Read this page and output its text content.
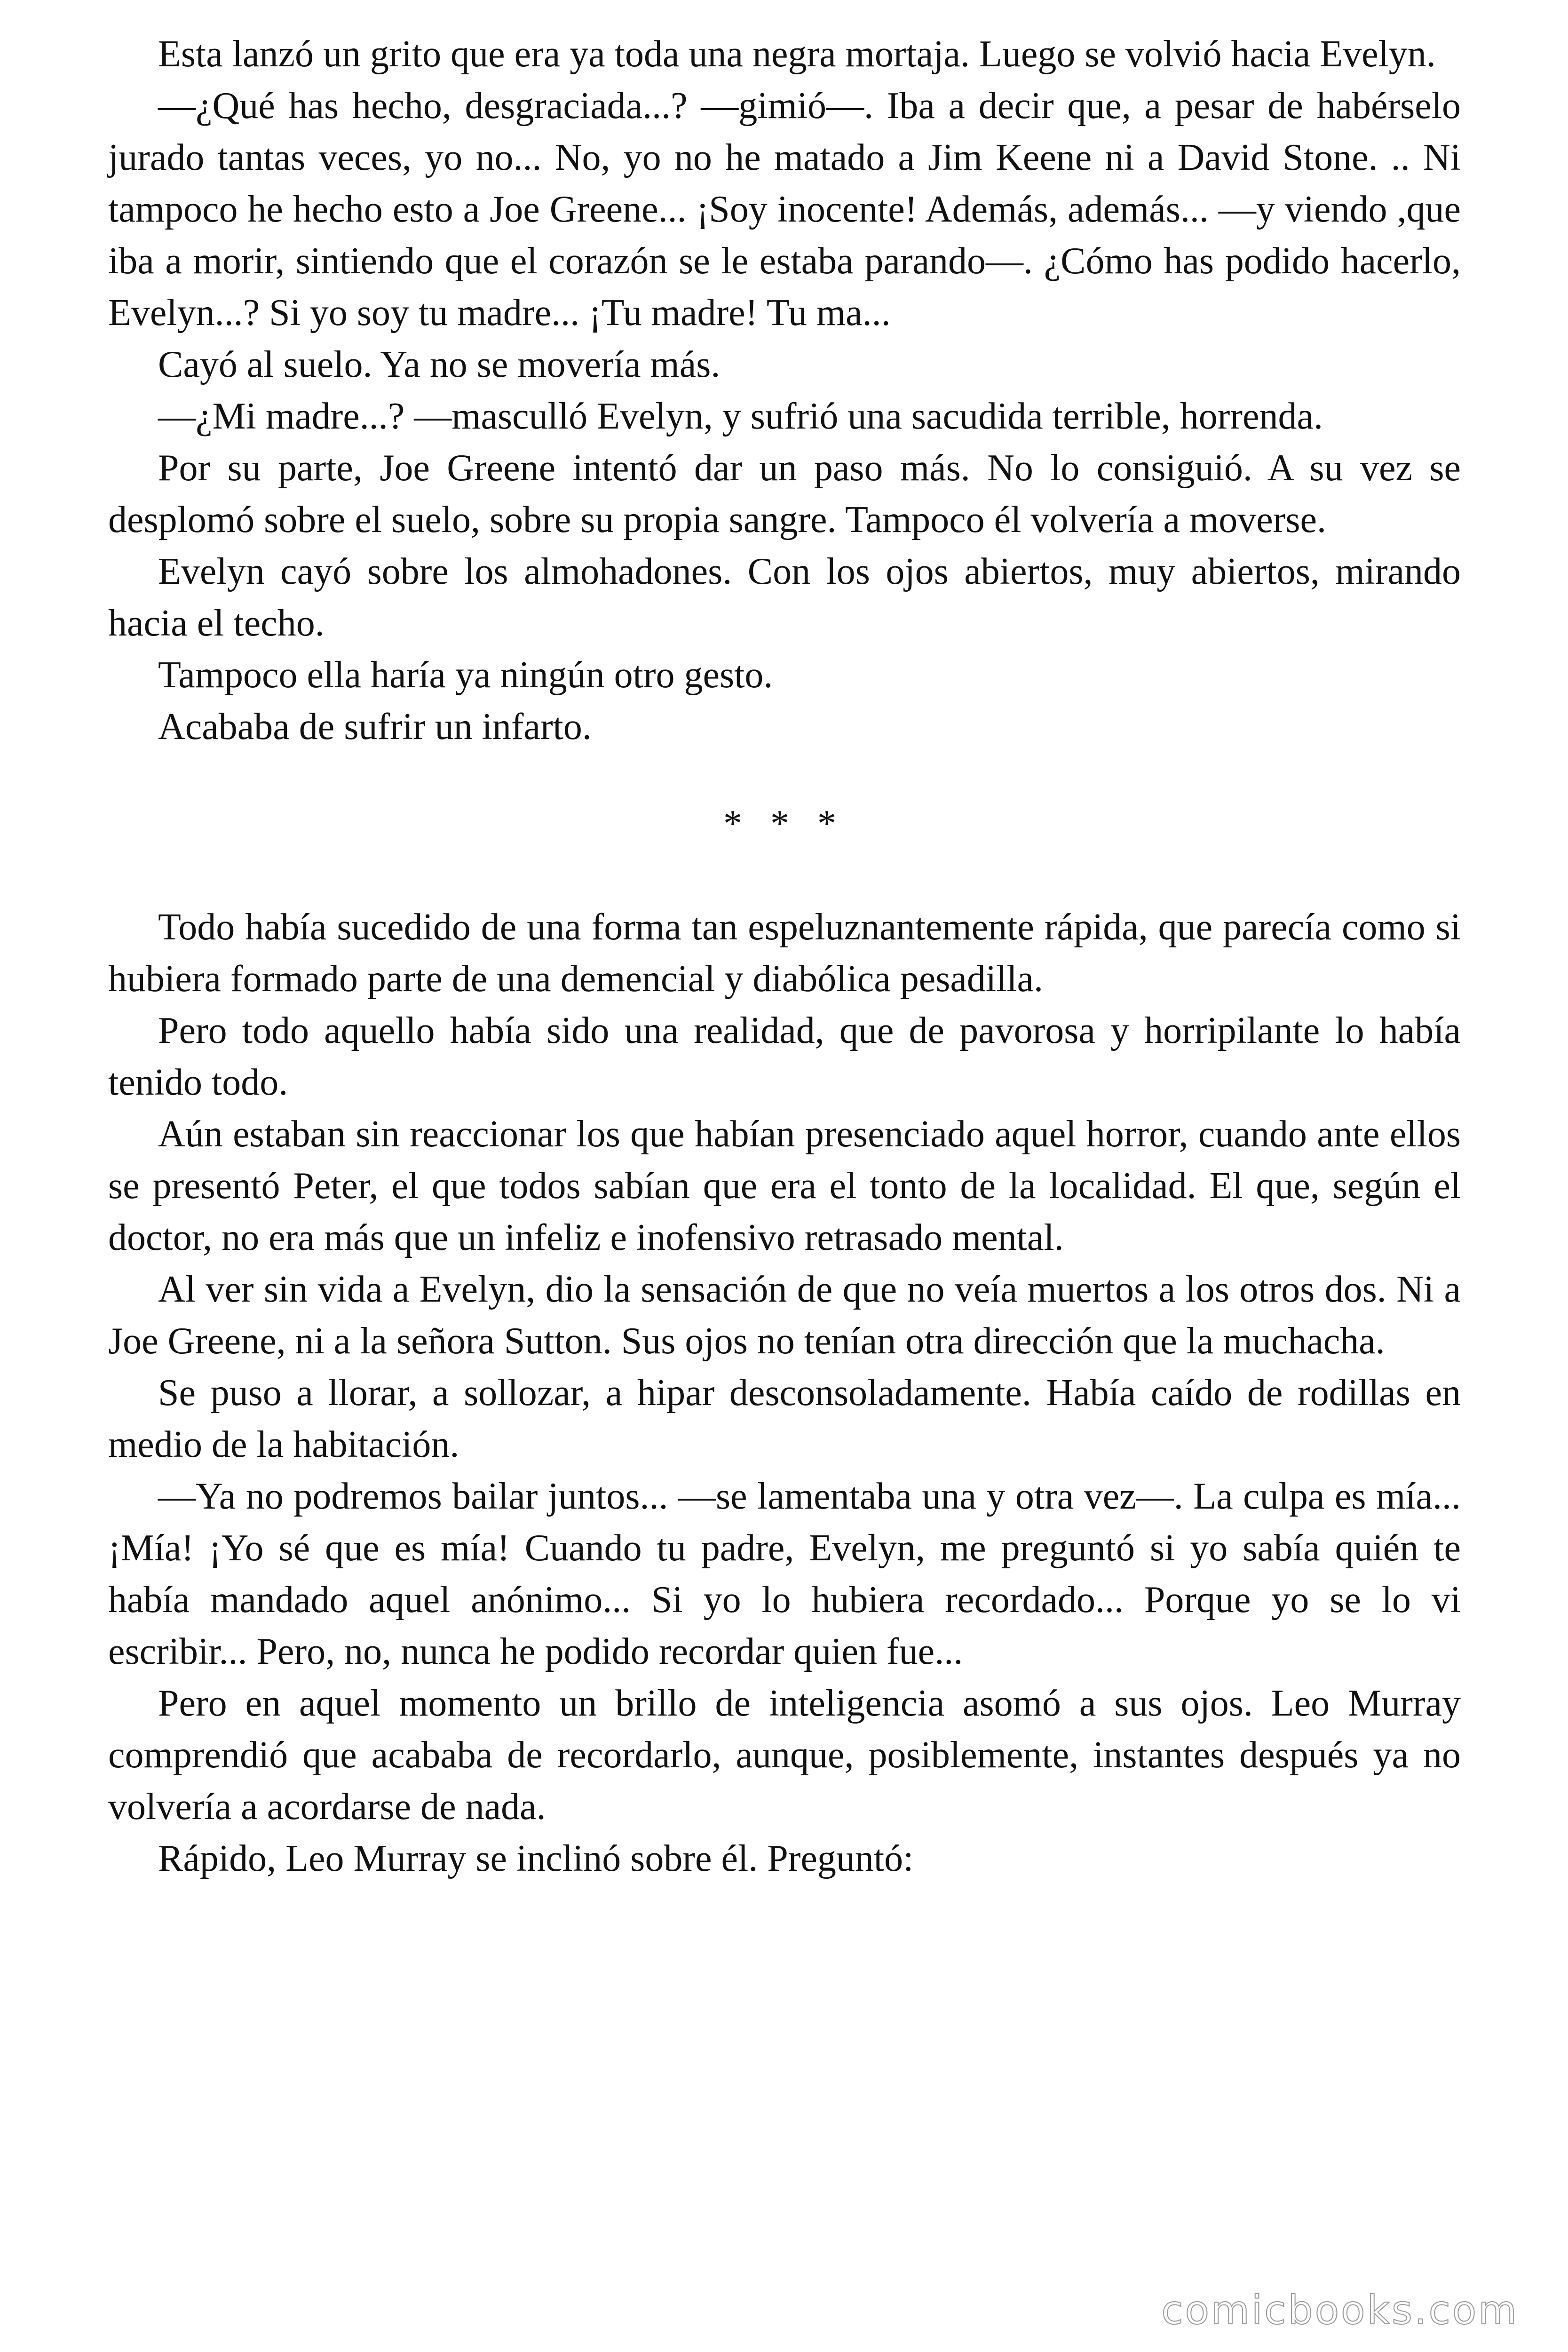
Esta lanzó un grito que era ya toda una negra mortaja. Luego se volvió hacia Evelyn.

—¿Qué has hecho, desgraciada...? —gimió—. Iba a decir que, a pesar de habérselo jurado tantas veces, yo no... No, yo no he matado a Jim Keene ni a David Stone. .. Ni tampoco he hecho esto a Joe Greene... ¡Soy inocente! Además, además... —y viendo ,que iba a morir, sintiendo que el corazón se le estaba parando—. ¿Cómo has podido hacerlo, Evelyn...? Si yo soy tu madre... ¡Tu madre! Tu ma...

Cayó al suelo. Ya no se movería más.

—¿Mi madre...? —masculló Evelyn, y sufrió una sacudida terrible, horrenda.

Por su parte, Joe Greene intentó dar un paso más. No lo consiguió. A su vez se desplomó sobre el suelo, sobre su propia sangre. Tampoco él volvería a moverse.

Evelyn cayó sobre los almohadones. Con los ojos abiertos, muy abiertos, mirando hacia el techo.

Tampoco ella haría ya ningún otro gesto.

Acababa de sufrir un infarto.

* * *

Todo había sucedido de una forma tan espeluznantemente rápida, que parecía como si hubiera formado parte de una demencial y diabólica pesadilla.

Pero todo aquello había sido una realidad, que de pavorosa y horripilante lo había tenido todo.

Aún estaban sin reaccionar los que habían presenciado aquel horror, cuando ante ellos se presentó Peter, el que todos sabían que era el tonto de la localidad. El que, según el doctor, no era más que un infeliz e inofensivo retrasado mental.

Al ver sin vida a Evelyn, dio la sensación de que no veía muertos a los otros dos. Ni a Joe Greene, ni a la señora Sutton. Sus ojos no tenían otra dirección que la muchacha.

Se puso a llorar, a sollozar, a hipar desconsoladamente. Había caído de rodillas en medio de la habitación.

—Ya no podremos bailar juntos... —se lamentaba una y otra vez—. La culpa es mía... ¡Mía! ¡Yo sé que es mía! Cuando tu padre, Evelyn, me preguntó si yo sabía quién te había mandado aquel anónimo... Si yo lo hubiera recordado... Porque yo se lo vi escribir... Pero, no, nunca he podido recordar quien fue...

Pero en aquel momento un brillo de inteligencia asomó a sus ojos. Leo Murray comprendió que acababa de recordarlo, aunque, posiblemente, instantes después ya no volvería a acordarse de nada.

Rápido, Leo Murray se inclinó sobre él. Preguntó:

comicbooks.com
